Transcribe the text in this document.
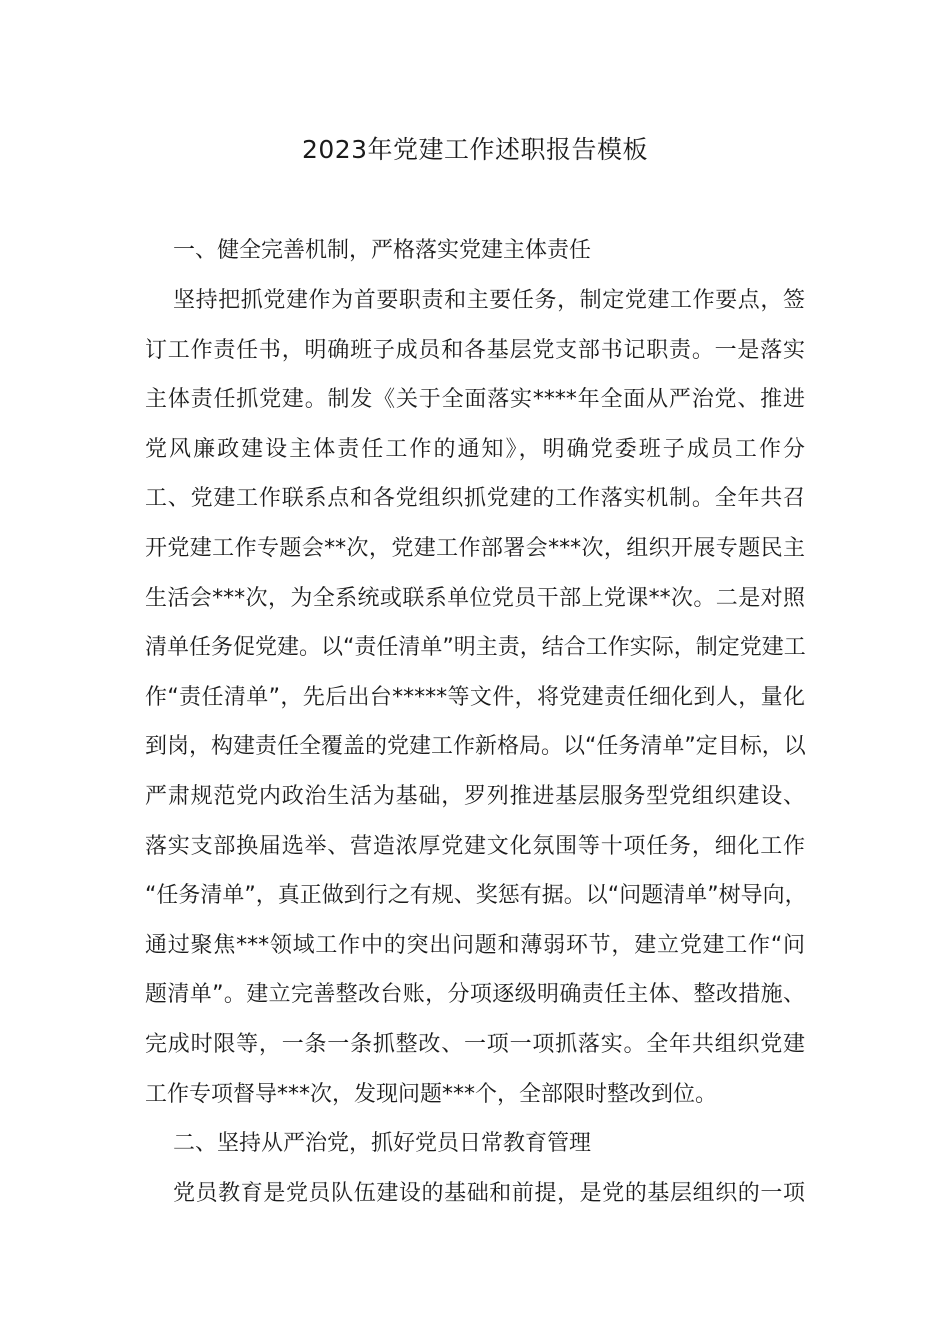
2023年党建工作述职报告模板
一、健全完善机制，严格落实党建主体责任
坚持把抓党建作为首要职责和主要任务，制定党建工作要点，签
订工作责任书，明确班子成员和各基层党支部书记职责。一是落实
主体责任抓党建。制发《关于全面落实****年全面从严治党、推进
党风廉政建设主体责任工作的通知》，明确党委班子成员工作分
工、党建工作联系点和各党组织抓党建的工作落实机制。全年共召
开党建工作专题会**次，党建工作部署会***次，组织开展专题民主
生活会***次，为全系统或联系单位党员干部上党课**次。二是对照
清单任务促党建。以“责任清单”明主责，结合工作实际，制定党建工
作“责任清单”，先后出台*****等文件，将党建责任细化到人，量化
到岗，构建责任全覆盖的党建工作新格局。以“任务清单”定目标，以
严肃规范党内政治生活为基础，罗列推进基层服务型党组织建设、
落实支部换届选举、营造浓厚党建文化氛围等十项任务，细化工作
“任务清单”，真正做到行之有规、奖惩有据。以“问题清单”树导向，
通过聚焦***领域工作中的突出问题和薄弱环节，建立党建工作“问
题清单”。建立完善整改台账，分项逐级明确责任主体、整改措施、
完成时限等，一条一条抓整改、一项一项抓落实。全年共组织党建
工作专项督导***次，发现问题***个，全部限时整改到位。
二、坚持从严治党，抓好党员日常教育管理
党员教育是党员队伍建设的基础和前提，是党的基层组织的一项
